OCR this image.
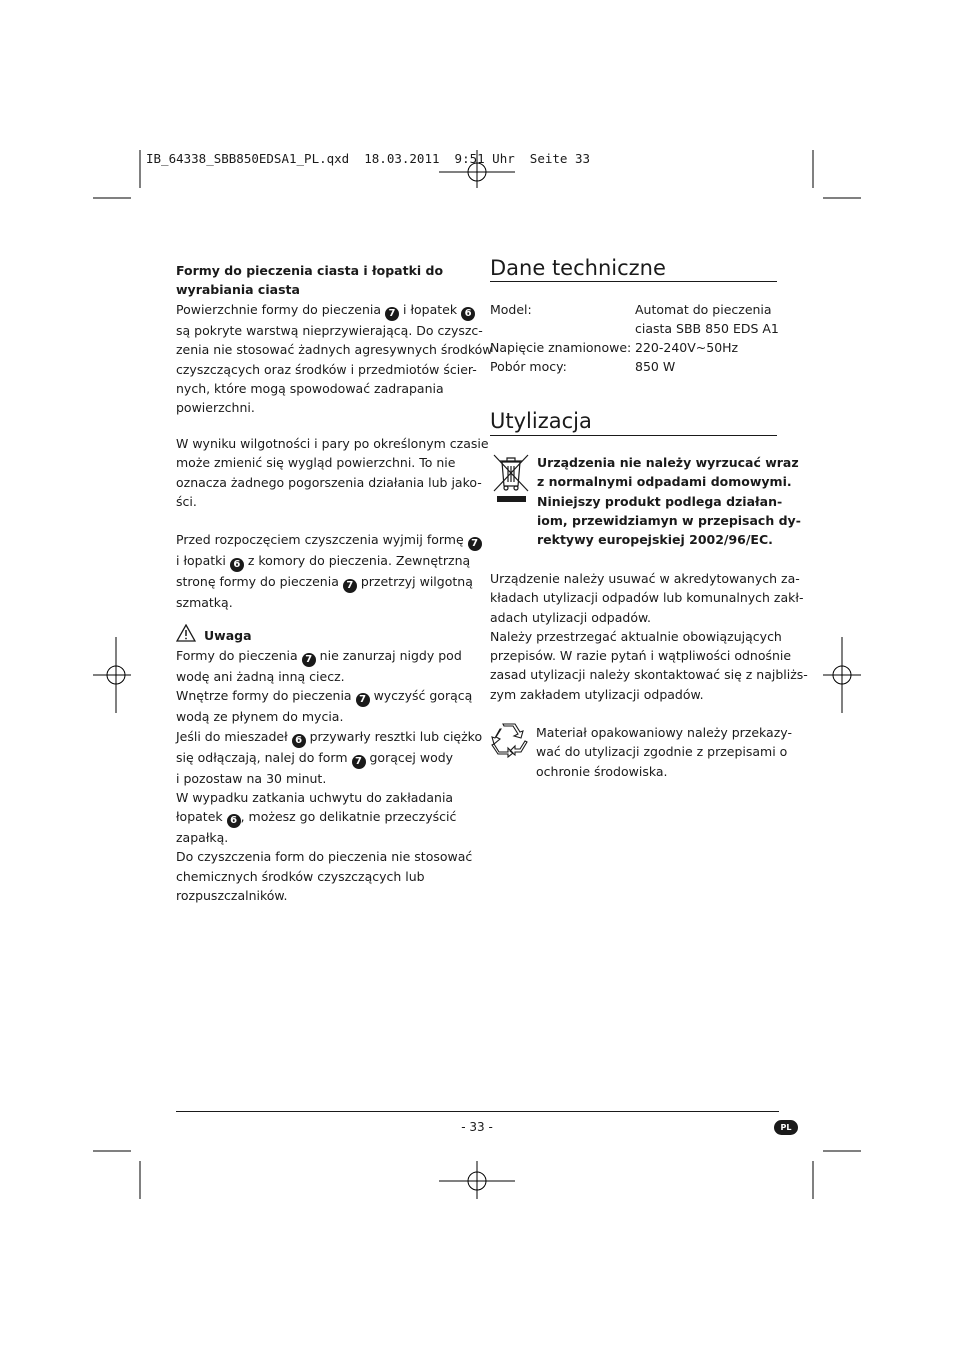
IB_64338_SBB850EDSA1_PL.qxd  18.03.2011  9:51 Uhr  Seite 33
Formy do pieczenia ciasta i łopatki do
wyrabiania ciasta
Powierzchnie formy do pieczenia 7 i łopatek 6
są pokryte warstwą nieprzywierającą. Do czyszc-
zenia nie stosować żadnych agresywnych środków
czyszczących oraz środków i przedmiotów ścier-
nych, które mogą spowodować zadrapania
powierzchni.
W wyniku wilgotności i pary po określonym czasie
może zmienić się wygląd powierzchni. To nie
oznacza żadnego pogorszenia działania lub jako-
ści.
Przed rozpoczęciem czyszczenia wyjmij formę 7
i łopatki 6 z komory do pieczenia. Zewnętrzną
stronę formy do pieczenia 7 przetrzyj wilgotną
szmatką.
Uwaga
Formy do pieczenia 7 nie zanurzaj nigdy pod
wodę ani żadną inną ciecz.
Wnętrze formy do pieczenia 7 wyczyść gorącą
wodą ze płynem do mycia.
Jeśli do mieszadeł 6 przywarły resztki lub ciężko
się odłączają, nalej do form 7 gorącej wody
i pozostaw na 30 minut.
W wypadku zatkania uchwytu do zakładania
łopatek 6 , możesz go delikatnie przeczyścić
zapałką.
Do czyszczenia form do pieczenia nie stosować
chemicznych środków czyszczących lub
rozpuszczalników.
Dane techniczne
Model:	Automat do pieczenia
ciasta SBB 850 EDS A1
Napięcie znamionowe: 220-240V~50Hz
Pobór mocy:	850 W
Utylizacja
Urządzenia nie należy wyrzucać wraz
z normalnymi odpadami domowymi.
Niniejszy produkt podlega działan-
iom, przewidziamyn w przepisach dy-
rektywy europejskiej 2002/96/EC.
Urządzenie należy usuwać w akredytowanych za-
kładach utylizacji odpadów lub komunalnych zakł-
adach utylizacji odpadów.
Należy przestrzegać aktualnie obowiązujących
przepisów. W razie pytań i wątpliwości odnośnie
zasad utylizacji należy skontaktować się z najbliżs-
zym zakładem utylizacji odpadów.
Materiał opakowaniowy należy przekazy-
wać do utylizacji zgodnie z przepisami o
ochronie środowiska.
- 33 -	PL
